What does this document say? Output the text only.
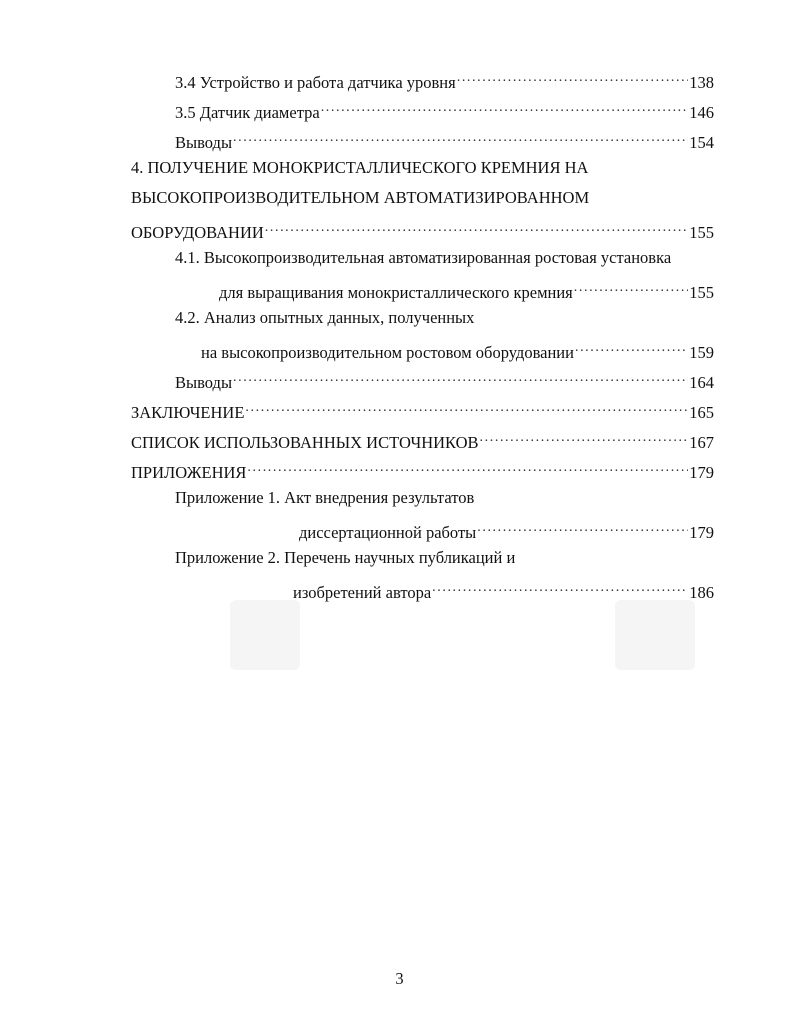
3.4 Устройство и работа датчика уровня .....	138
3.5 Датчик диаметра .....	146
Выводы .....	154
4. ПОЛУЧЕНИЕ МОНОКРИСТАЛЛИЧЕСКОГО КРЕМНИЯ НА
ВЫСОКОПРОИЗВОДИТЕЛЬНОМ АВТОМАТИЗИРОВАННОМ
ОБОРУДОВАНИИ .....	155
4.1. Высокопроизводительная автоматизированная ростовая установка
для выращивания монокристаллического кремния .....	155
4.2. Анализ опытных данных, полученных
на высокопроизводительном ростовом оборудовании .....	159
Выводы .....	164
ЗАКЛЮЧЕНИЕ .....	165
СПИСОК ИСПОЛЬЗОВАННЫХ ИСТОЧНИКОВ .....	167
ПРИЛОЖЕНИЯ .....	179
Приложение 1. Акт внедрения результатов
диссертационной работы .....	179
Приложение 2. Перечень научных публикаций и
изобретений автора .....	186
3
